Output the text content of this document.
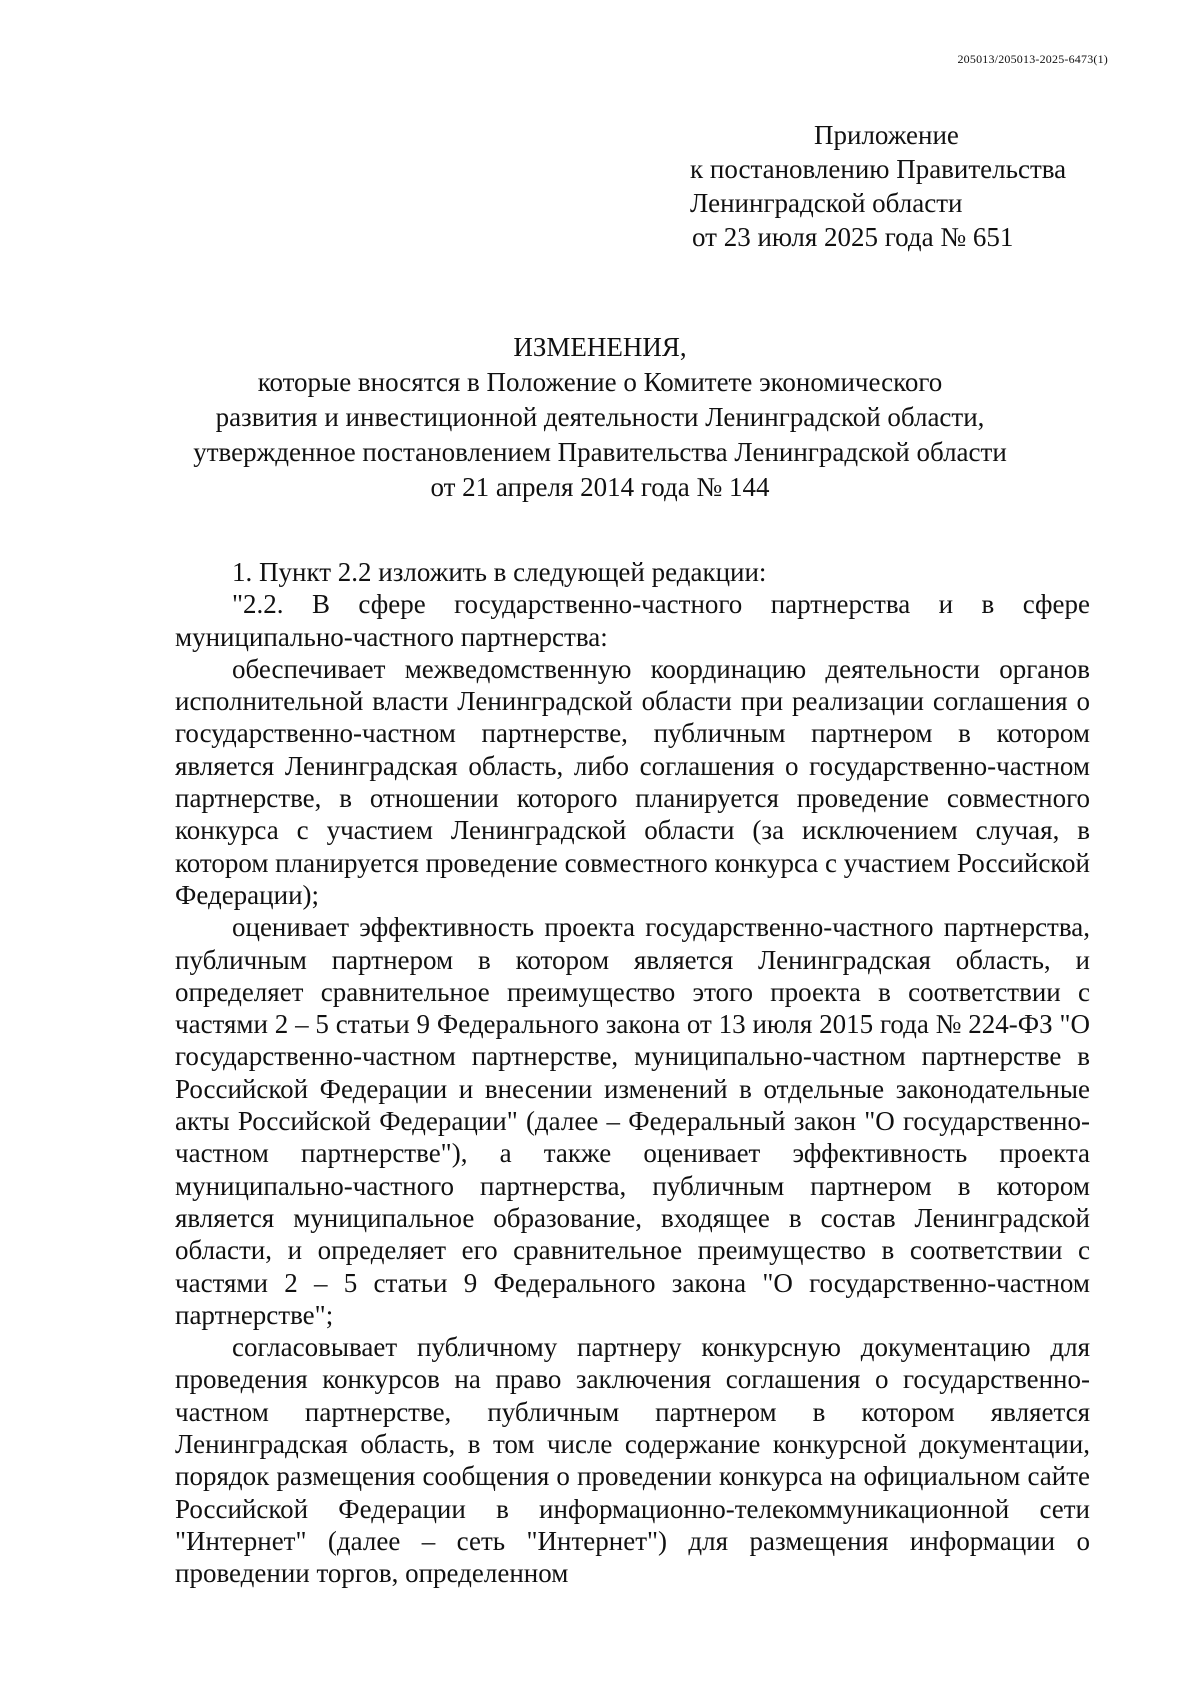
205013/205013-2025-6473(1)
Приложение
к постановлению Правительства
Ленинградской области
от 23 июля 2025 года № 651
ИЗМЕНЕНИЯ,
которые вносятся в Положение о Комитете экономического
развития и инвестиционной деятельности Ленинградской области,
утвержденное постановлением Правительства Ленинградской области
от 21 апреля 2014 года № 144

1. Пункт 2.2 изложить в следующей редакции:

"2.2. В сфере государственно-частного партнерства и в сфере муниципально-частного партнерства:

обеспечивает межведомственную координацию деятельности органов исполнительной власти Ленинградской области при реализации соглашения о государственно-частном партнерстве, публичным партнером в котором является Ленинградская область, либо соглашения о государственно-частном партнерстве, в отношении которого планируется проведение совместного конкурса с участием Ленинградской области (за исключением случая, в котором планируется проведение совместного конкурса с участием Российской Федерации);

оценивает эффективность проекта государственно-частного партнерства, публичным партнером в котором является Ленинградская область, и определяет сравнительное преимущество этого проекта в соответствии с частями 2 – 5 статьи 9 Федерального закона от 13 июля 2015 года № 224-ФЗ "О государственно-частном партнерстве, муниципально-частном партнерстве в Российской Федерации и внесении изменений в отдельные законодательные акты Российской Федерации" (далее – Федеральный закон "О государственно-частном партнерстве"), а также оценивает эффективность проекта муниципально-частного партнерства, публичным партнером в котором является муниципальное образование, входящее в состав Ленинградской области, и определяет его сравнительное преимущество в соответствии с частями 2 – 5 статьи 9 Федерального закона "О государственно-частном партнерстве";

согласовывает публичному партнеру конкурсную документацию для проведения конкурсов на право заключения соглашения о государственно-частном партнерстве, публичным партнером в котором является Ленинградская область, в том числе содержание конкурсной документации, порядок размещения сообщения о проведении конкурса на официальном сайте Российской Федерации в информационно-телекоммуникационной сети "Интернет" (далее – сеть "Интернет") для размещения информации о проведении торгов, определенном
